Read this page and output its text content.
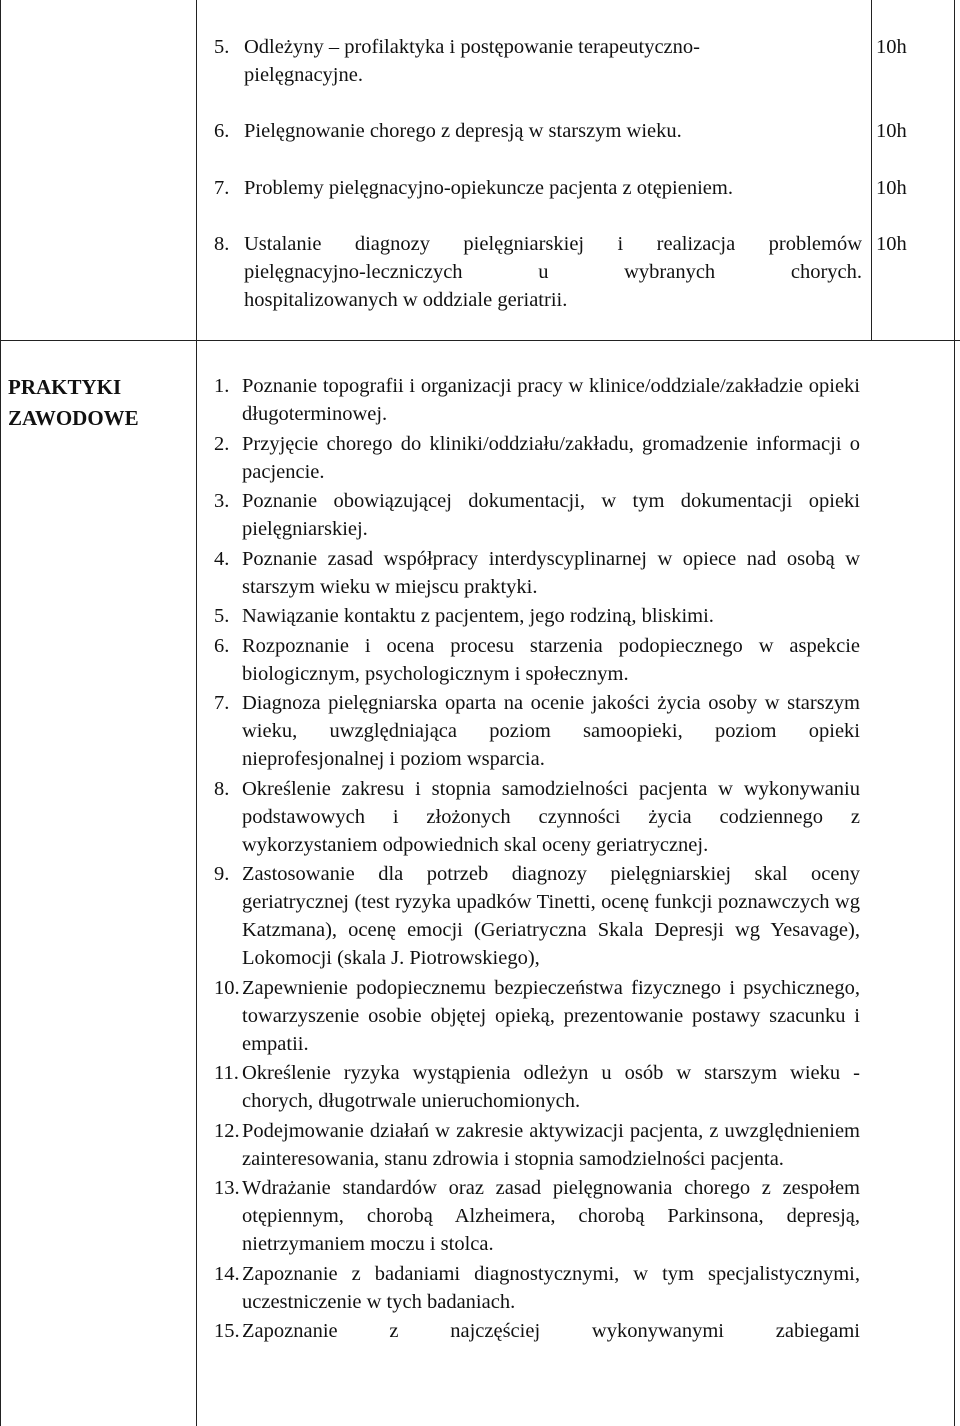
5. Odleżyny – profilaktyka i postępowanie terapeutyczno-
pielęgnacyjne.
10h
6. Pielęgnowanie chorego z depresją w starszym wieku.	10h
7. Problemy pielęgnacyjno-opiekuncze pacjenta z otępieniem.	10h
8. Ustalanie diagnozy pielęgniarskiej i realizacja problemów
pielęgnacyjno-leczniczych u wybranych chorych.
hospitalizowanych w oddziale geriatrii.
10h
PRAKTYKI
ZAWODOWE
1. Poznanie topografii i organizacji pracy w klinice/oddziale/zakładzie opieki długoterminowej.
2. Przyjęcie chorego do kliniki/oddziału/zakładu, gromadzenie informacji o pacjencie.
3. Poznanie obowiązującej dokumentacji, w tym dokumentacji opieki pielęgniarskiej.
4. Poznanie zasad współpracy interdyscyplinarnej w opiece nad osobą w starszym wieku w miejscu praktyki.
5. Nawiązanie kontaktu z pacjentem, jego rodziną, bliskimi.
6. Rozpoznanie i ocena procesu starzenia podopiecznego w aspekcie biologicznym, psychologicznym i społecznym.
7. Diagnoza pielęgniarska oparta na ocenie jakości życia osoby w starszym wieku, uwzględniająca poziom samoopieki, poziom opieki nieprofesjonalnej i poziom wsparcia.
8. Określenie zakresu i stopnia samodzielności pacjenta w wykonywaniu podstawowych i złożonych czynności życia codziennego z wykorzystaniem odpowiednich skal oceny geriatrycznej.
9. Zastosowanie dla potrzeb diagnozy pielęgniarskiej skal oceny geriatrycznej (test ryzyka upadków Tinetti, ocenę funkcji poznawczych wg Katzmana), ocenę emocji (Geriatryczna Skala Depresji wg Yesavage), Lokomocji (skala J. Piotrowskiego),
10. Zapewnienie podopiecznemu bezpieczeństwa fizycznego i psychicznego, towarzyszenie osobie objętej opieką, prezentowanie postawy szacunku i empatii.
11. Określenie ryzyka wystąpienia odleżyn u osób w starszym wieku - chorych, długotrwale unieruchomionych.
12. Podejmowanie działań w zakresie aktywizacji pacjenta, z uwzględnieniem zainteresowania, stanu zdrowia i stopnia samodzielności pacjenta.
13. Wdrażanie standardów oraz zasad pielęgnowania chorego z zespołem otępiennym, chorobą Alzheimera, chorobą Parkinsona, depresją, nietrzymaniem moczu i stolca.
14. Zapoznanie z badaniami diagnostycznymi, w tym specjalistycznymi, uczestniczenie w tych badaniach.
15. Zapoznanie z najczęściej wykonywanymi zabiegami
